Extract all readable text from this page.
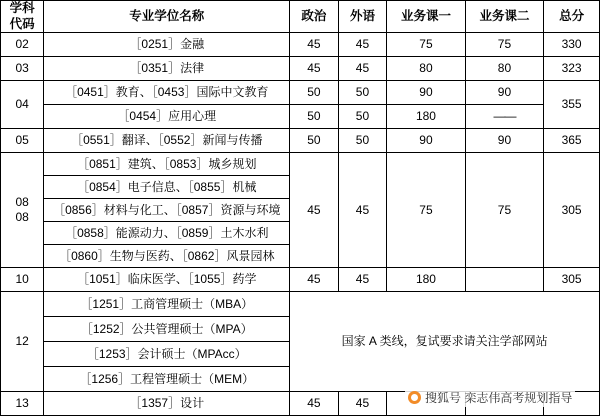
学科
代码	专业学位名称	政治	外语	业务课一	业务课二	总分
02	［0251］金融	45	45	75	75	330
03	［0351］法律	45	45	80	80	323
04	［0451］教育、［0453］国际中文教育	50	50	90	90	355
	［0454］应用心理	50	50	180	——	
05	［0551］翻译、［0552］新闻与传播	50	50	90	90	365

08
08	［0851］建筑、［0853］城乡规划	45	45	75	75	305
	［0854］电子信息、［0855］机械					
	［0856］材料与化工、［0857］资源与环境					
	［0858］能源动力、［0859］土木水利					
	［0860］生物与医药、［0862］风景园林					
10	［1051］临床医学、［1055］药学	45	45	180		305
12	［1251］工商管理硕士（MBA）	国家 A 类线，复试要求请关注学部网站				
	［1252］公共管理硕士（MPA）					
	［1253］会计硕士（MPAcc）					
	［1256］工程管理硕士（MEM）					
13	［1357］设计	45	45				搜狐号 栾志伟高考规划指导
